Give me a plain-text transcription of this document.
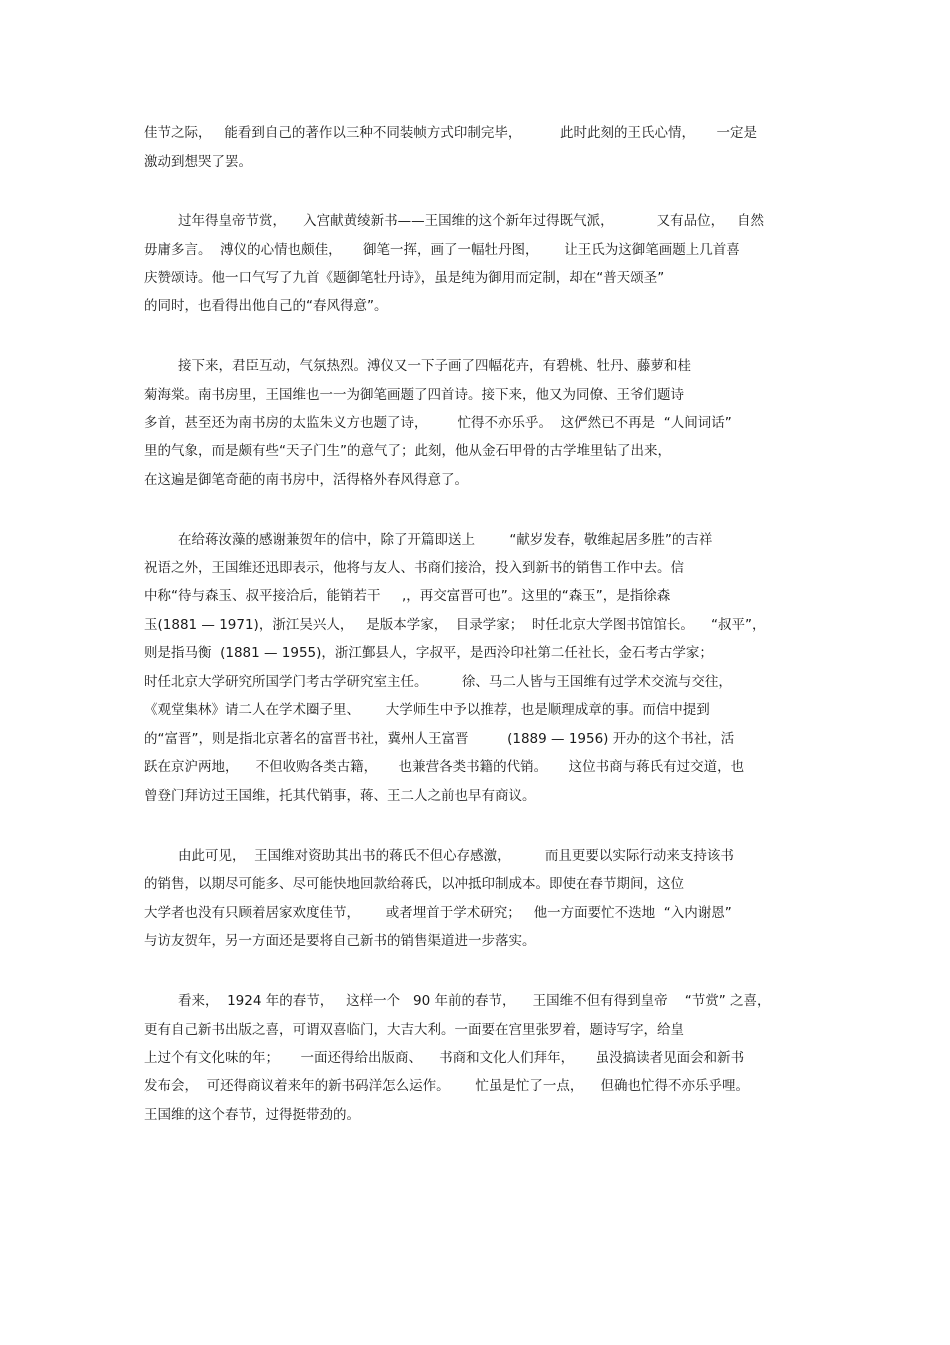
佳节之际，   能看到自己的著作以三种不同装帧方式印制完毕，         此时此刻的王氏心情，     一定是
激动到想哭了罢。
过年得皇帝节赏，    入宫献黄绫新书——王国维的这个新年过得既气派，          又有品位，   自然
毋庸多言。  溥仪的心情也颇佳，     御笔一挥，画了一幅牡丹图，      让王氏为这御笔画题上几首喜
庆赞颂诗。他一口气写了九首《题御笔牡丹诗》，虽是纯为御用而定制，却在“普天颂圣”
的同时，也看得出他自己的“春风得意”。
接下来，君臣互动，气氛热烈。溥仪又一下子画了四幅花卉，有碧桃、牡丹、藤萝和桂
菊海棠。南书房里，王国维也一一为御笔画题了四首诗。接下来，他又为同僚、王爷们题诗
多首，甚至还为南书房的太监朱义方也题了诗，       忙得不亦乐乎。  这俨然已不再是  “人间词话”
里的气象，而是颇有些“天子门生”的意气了；此刻，他从金石甲骨的古学堆里钻了出来，
在这遍是御笔奇葩的南书房中，活得格外春风得意了。
在给蒋汝藻的感谢兼贺年的信中，除了开篇即送上        “献岁发春，敬维起居多胜”的吉祥
祝语之外，王国维还迅即表示，他将与友人、书商们接洽，投入到新书的销售工作中去。信
中称“待与森玉、叔平接洽后，能销若干     ,，再交富晋可也”。这里的“森玉”，是指徐森
玉(1881 — 1971)，浙江吴兴人，   是版本学家，  目录学家；  时任北京大学图书馆馆长。    “叔平”，
则是指马衡  (1881 — 1955)，浙江鄞县人，字叔平，是西泠印社第二任社长，金石考古学家；
时任北京大学研究所国学门考古学研究室主任。        徐、马二人皆与王国维有过学术交流与交往，
《观堂集林》请二人在学术圈子里、      大学师生中予以推荐，也是顺理成章的事。而信中提到
的“富晋”，则是指北京著名的富晋书社，冀州人王富晋         (1889 — 1956) 开办的这个书社，活
跃在京沪两地，    不但收购各类古籍，     也兼营各类书籍的代销。     这位书商与蒋氏有过交道，也
曾登门拜访过王国维，托其代销事，蒋、王二人之前也早有商议。
由此可见，  王国维对资助其出书的蒋氏不但心存感激，        而且更要以实际行动来支持该书
的销售，以期尽可能多、尽可能快地回款给蒋氏，以冲抵印制成本。即使在春节期间，这位
大学者也没有只顾着居家欢度佳节，      或者埋首于学术研究；   他一方面要忙不迭地  “入内谢恩”
与访友贺年，另一方面还是要将自己新书的销售渠道进一步落实。
看来，  1924 年的春节，   这样一个   90 年前的春节，    王国维不但有得到皇帝    “节赏” 之喜，
更有自己新书出版之喜，可谓双喜临门，大吉大利。一面要在宫里张罗着，题诗写字，给皇
上过个有文化味的年；     一面还得给出版商、    书商和文化人们拜年，     虽没搞读者见面会和新书
发布会，  可还得商议着来年的新书码洋怎么运作。      忙虽是忙了一点，    但确也忙得不亦乐乎哩。
王国维的这个春节，过得挺带劲的。
